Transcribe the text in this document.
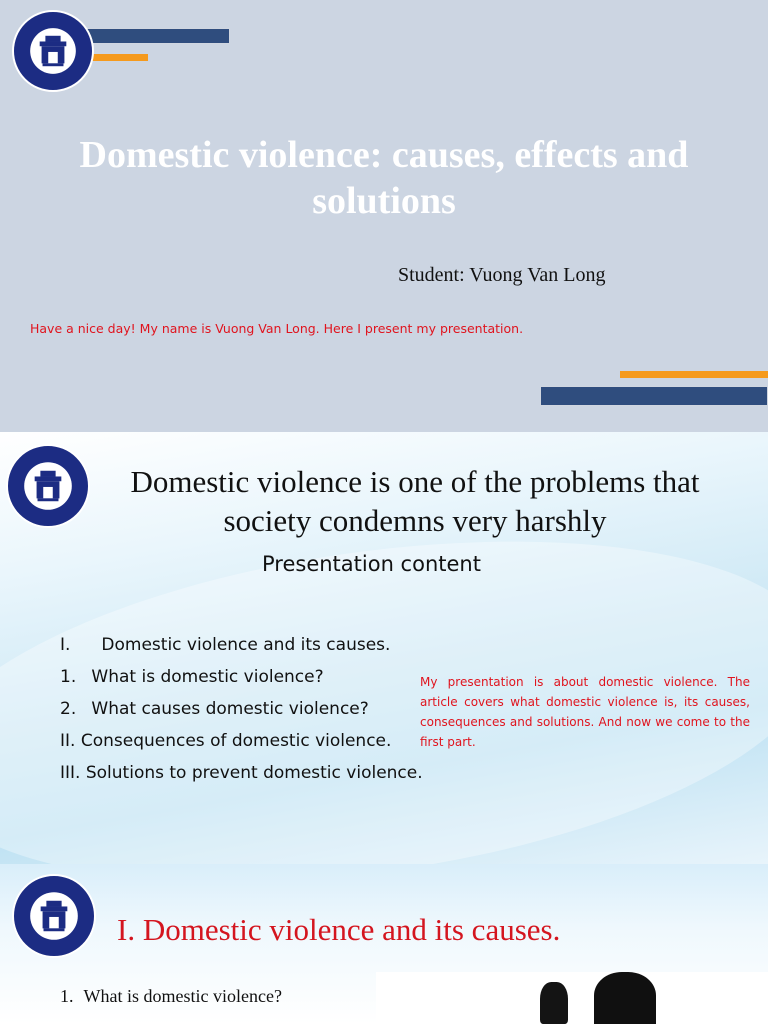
Domestic violence: causes, effects and solutions
Student: Vuong Van Long
Have a nice day! My name is Vuong Van Long. Here I present my presentation.
Domestic violence is one of the problems that society condemns very harshly
Presentation content
I. Domestic violence and its causes.
1. What is domestic violence?
2. What causes domestic violence?
II. Consequences of domestic violence.
III. Solutions to prevent domestic violence.
My presentation is about domestic violence. The article covers what domestic violence is, its causes, consequences and solutions. And now we come to the first part.
I. Domestic violence and its causes.
1. What is domestic violence?
